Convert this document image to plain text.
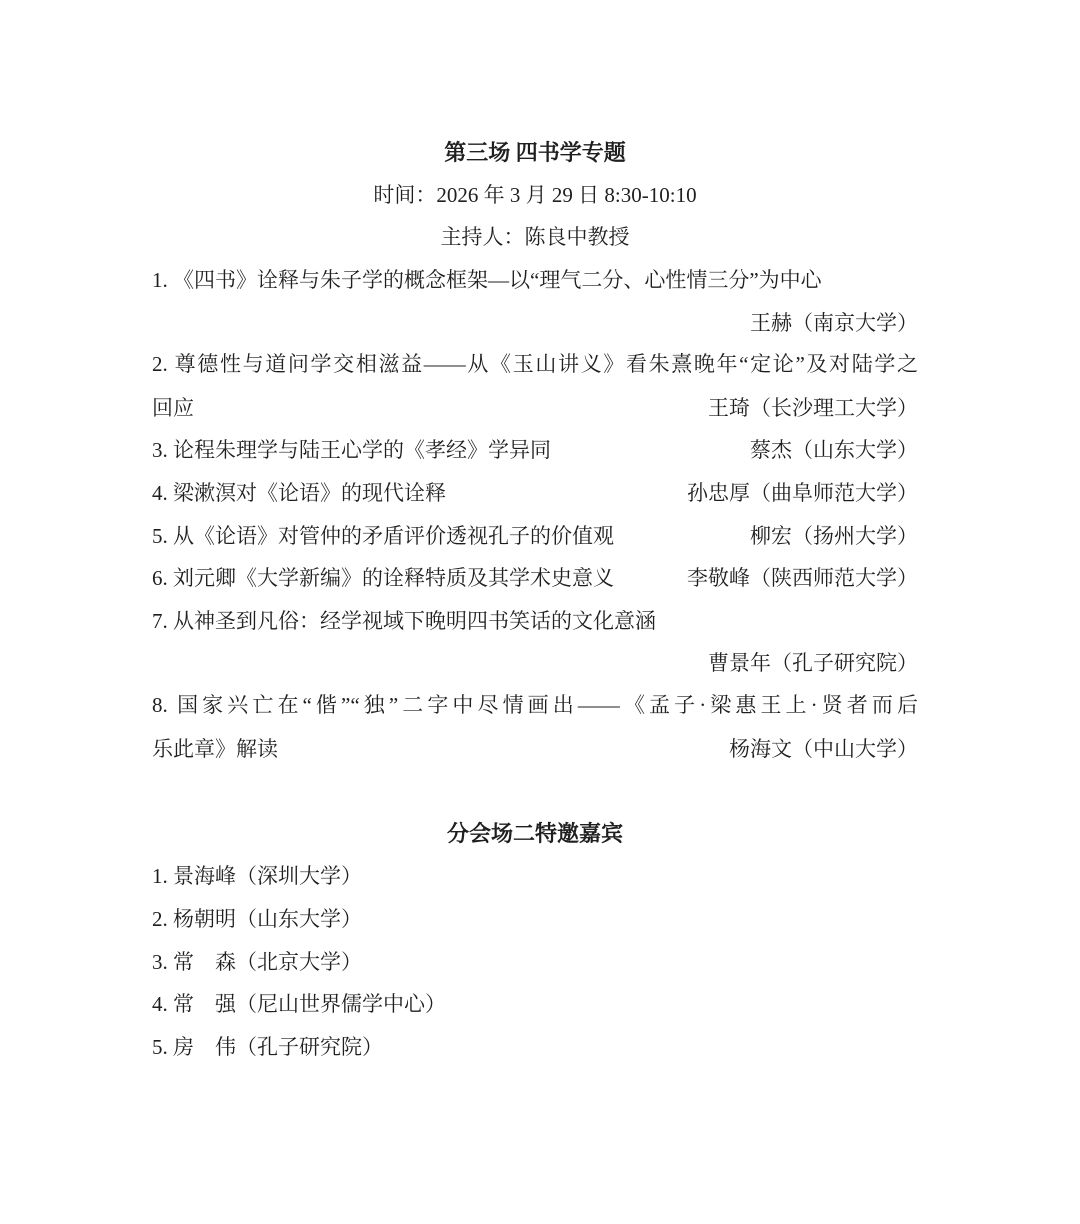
第三场 四书学专题
时间：2026 年 3 月 29 日 8:30-10:10
主持人：陈良中教授
1. 《四书》诠释与朱子学的概念框架—以“理气二分、心性情三分”为中心
王赫（南京大学）
2. 尊德性与道问学交相滋益——从《玉山讲义》看朱熹晚年“定论”及对陆学之
回应	王琦（长沙理工大学）
3. 论程朱理学与陆王心学的《孝经》学异同	蔡杰（山东大学）
4. 梁漱溟对《论语》的现代诠释	孙忠厚（曲阜师范大学）
5. 从《论语》对管仲的矛盾评价透视孔子的价值观	柳宏（扬州大学）
6. 刘元卿《大学新编》的诠释特质及其学术史意义	李敬峰（陕西师范大学）
7. 从神圣到凡俗：经学视域下晚明四书笑话的文化意涵
曹景年（孔子研究院）
8. 国家兴亡在“偕”“独”二字中尽情画出——《孟子·梁惠王上·贤者而后
乐此章》解读	杨海文（中山大学）
分会场二特邀嘉宾
1. 景海峰（深圳大学）
2. 杨朝明（山东大学）
3. 常　森（北京大学）
4. 常　强（尼山世界儒学中心）
5. 房　伟（孔子研究院）
